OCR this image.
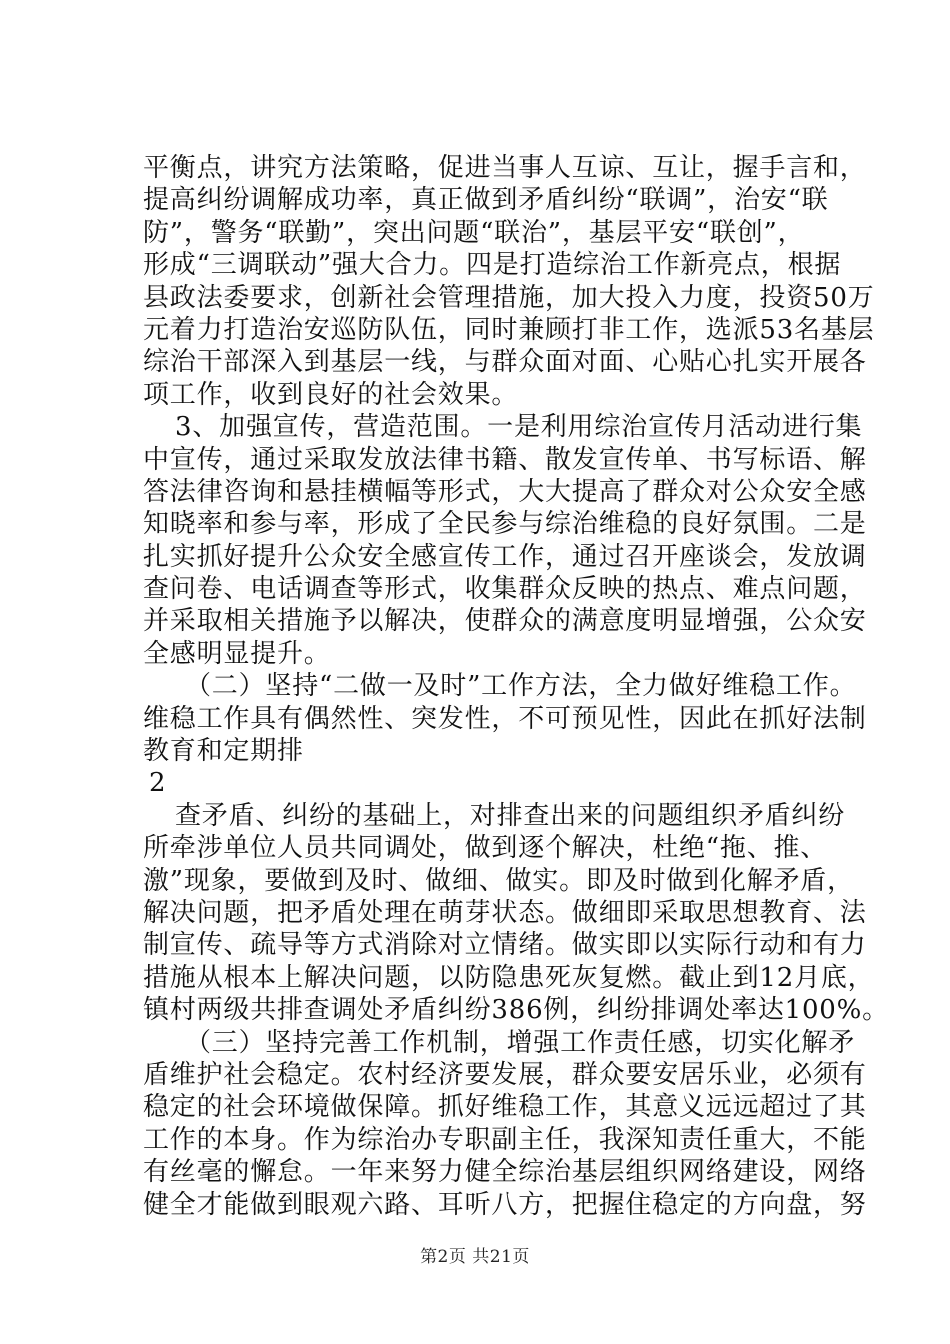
平衡点，讲究方法策略，促进当事人互谅、互让，握手言和，
提高纠纷调解成功率，真正做到矛盾纠纷“联调”，治安“联
防”，警务“联勤”，突出问题“联治”，基层平安“联创”，
形成“三调联动”强大合力。四是打造综治工作新亮点，根据
县政法委要求，创新社会管理措施，加大投入力度，投资50万
元着力打造治安巡防队伍，同时兼顾打非工作，选派53名基层
综治干部深入到基层一线，与群众面对面、心贴心扎实开展各
项工作，收到良好的社会效果。
3、加强宣传，营造范围。一是利用综治宣传月活动进行集
中宣传，通过采取发放法律书籍、散发宣传单、书写标语、解
答法律咨询和悬挂横幅等形式，大大提高了群众对公众安全感
知晓率和参与率，形成了全民参与综治维稳的良好氛围。二是
扎实抓好提升公众安全感宣传工作，通过召开座谈会，发放调
查问卷、电话调查等形式，收集群众反映的热点、难点问题，
并采取相关措施予以解决，使群众的满意度明显增强，公众安
全感明显提升。
（二）坚持“二做一及时”工作方法，全力做好维稳工作。
维稳工作具有偶然性、突发性，不可预见性，因此在抓好法制
教育和定期排
2
查矛盾、纠纷的基础上，对排查出来的问题组织矛盾纠纷
所牵涉单位人员共同调处，做到逐个解决，杜绝“拖、推、
激”现象，要做到及时、做细、做实。即及时做到化解矛盾，
解决问题，把矛盾处理在萌芽状态。做细即采取思想教育、法
制宣传、疏导等方式消除对立情绪。做实即以实际行动和有力
措施从根本上解决问题，以防隐患死灰复燃。截止到12月底，
镇村两级共排查调处矛盾纠纷386例，纠纷排调处率达100%。
（三）坚持完善工作机制，增强工作责任感，切实化解矛
盾维护社会稳定。农村经济要发展，群众要安居乐业，必须有
稳定的社会环境做保障。抓好维稳工作，其意义远远超过了其
工作的本身。作为综治办专职副主任，我深知责任重大，不能
有丝毫的懈怠。一年来努力健全综治基层组织网络建设，网络
健全才能做到眼观六路、耳听八方，把握住稳定的方向盘，努
第2页 共21页
